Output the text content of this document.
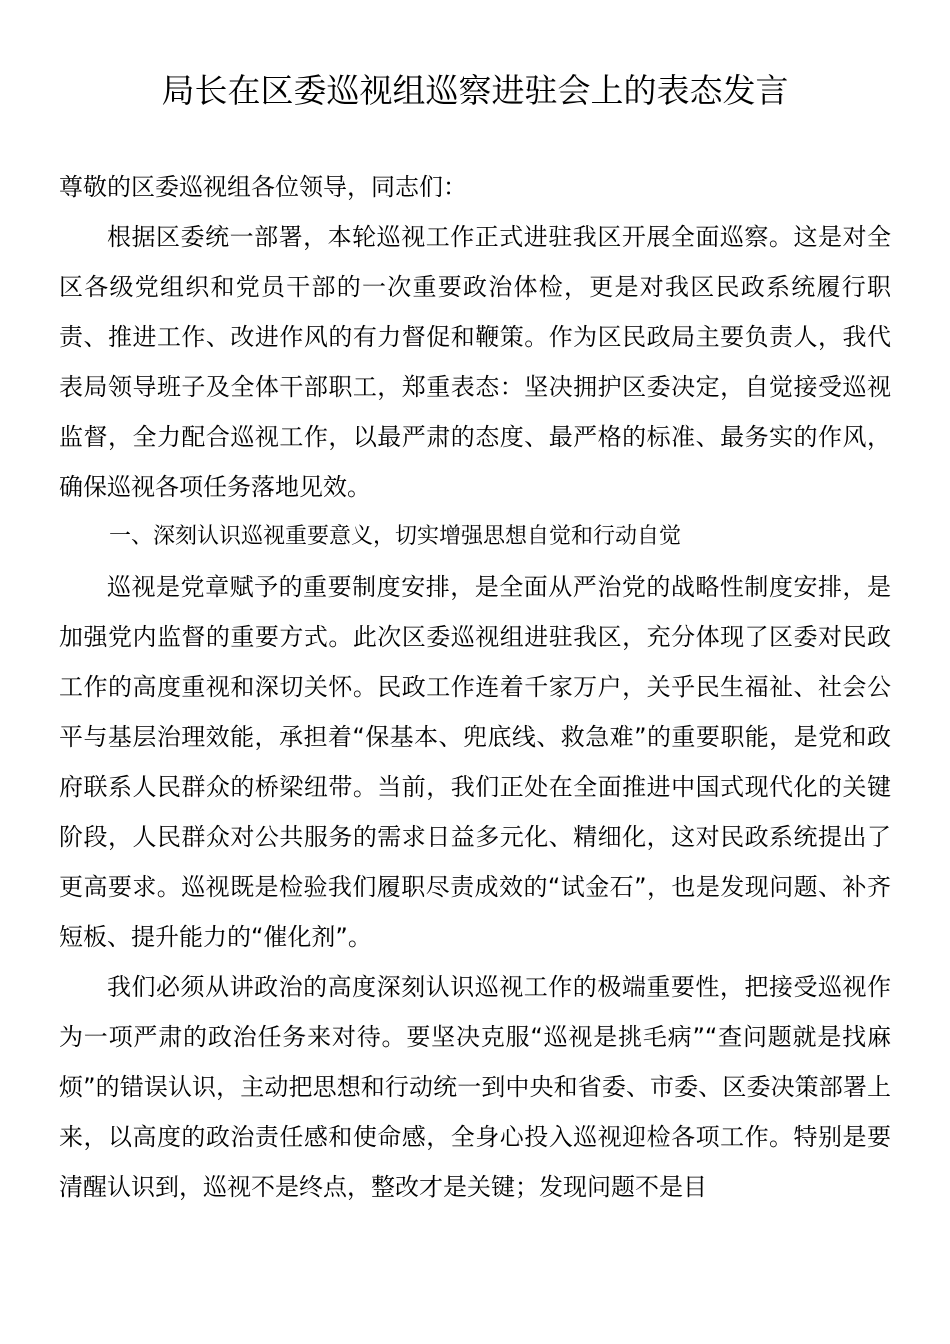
局长在区委巡视组巡察进驻会上的表态发言

尊敬的区委巡视组各位领导，同志们：

根据区委统一部署，本轮巡视工作正式进驻我区开展全面巡察。这是对全区各级党组织和党员干部的一次重要政治体检，更是对我区民政系统履行职责、推进工作、改进作风的有力督促和鞭策。作为区民政局主要负责人，我代表局领导班子及全体干部职工，郑重表态：坚决拥护区委决定，自觉接受巡视监督，全力配合巡视工作，以最严肃的态度、最严格的标准、最务实的作风，确保巡视各项任务落地见效。

一、深刻认识巡视重要意义，切实增强思想自觉和行动自觉

巡视是党章赋予的重要制度安排，是全面从严治党的战略性制度安排，是加强党内监督的重要方式。此次区委巡视组进驻我区，充分体现了区委对民政工作的高度重视和深切关怀。民政工作连着千家万户，关乎民生福祉、社会公平与基层治理效能，承担着“保基本、兜底线、救急难”的重要职能，是党和政府联系人民群众的桥梁纽带。当前，我们正处在全面推进中国式现代化的关键阶段，人民群众对公共服务的需求日益多元化、精细化，这对民政系统提出了更高要求。巡视既是检验我们履职尽责成效的“试金石”，也是发现问题、补齐短板、提升能力的“催化剂”。

我们必须从讲政治的高度深刻认识巡视工作的极端重要性，把接受巡视作为一项严肃的政治任务来对待。要坚决克服“巡视是挑毛病”“查问题就是找麻烦”的错误认识，主动把思想和行动统一到中央和省委、市委、区委决策部署上来，以高度的政治责任感和使命感，全身心投入巡视迎检各项工作。特别是要清醒认识到，巡视不是终点，整改才是关键；发现问题不是目
